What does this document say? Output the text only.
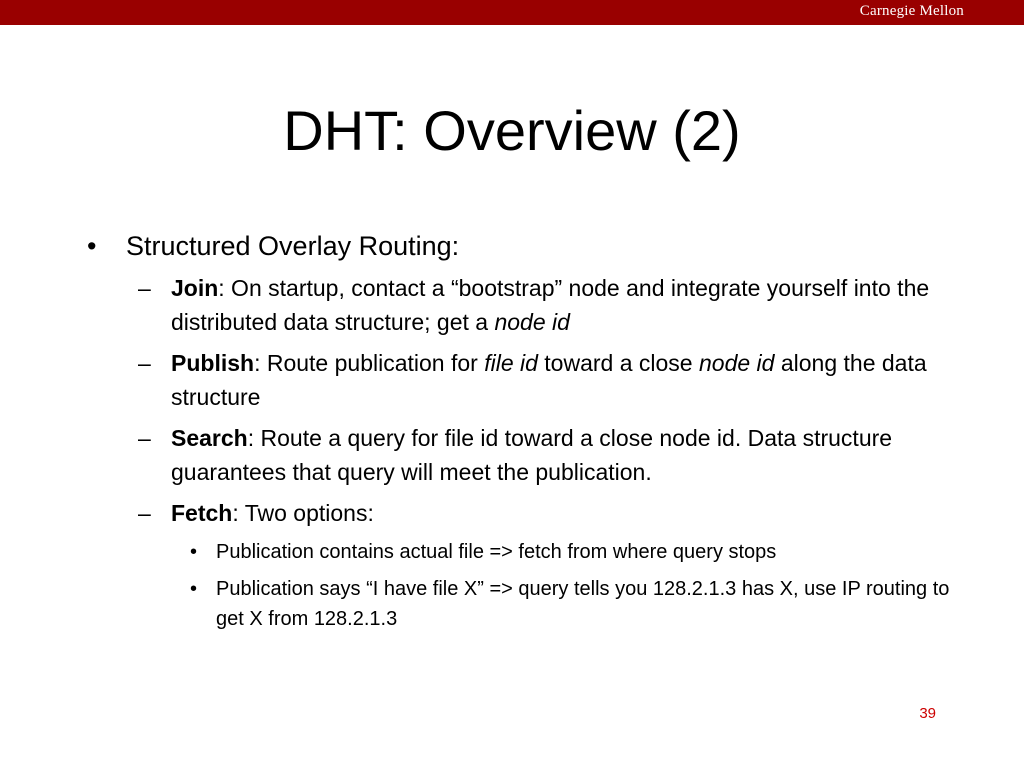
Carnegie Mellon
DHT: Overview (2)
• Structured Overlay Routing:
– Join: On startup, contact a “bootstrap” node and integrate yourself into the distributed data structure; get a node id
– Publish: Route publication for file id toward a close node id along the data structure
– Search: Route a query for file id toward a close node id. Data structure guarantees that query will meet the publication.
– Fetch: Two options:
• Publication contains actual file => fetch from where query stops
• Publication says “I have file X” => query tells you 128.2.1.3 has X, use IP routing to get X from 128.2.1.3
39
